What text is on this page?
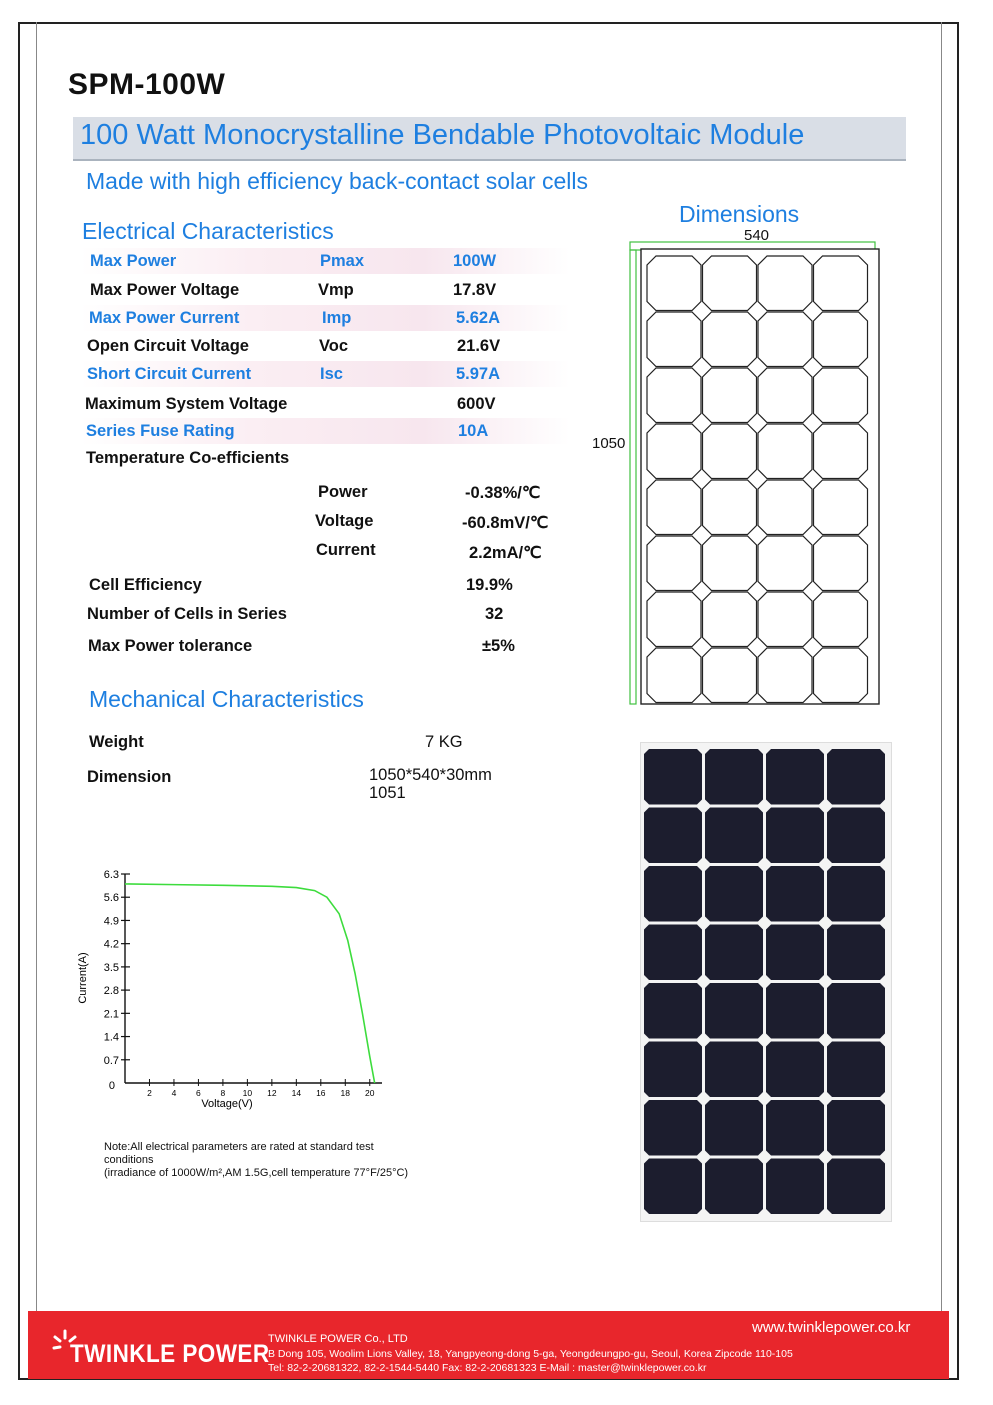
SPM-100W
100 Watt Monocrystalline Bendable Photovoltaic Module
Made with high efficiency back-contact solar cells
Electrical Characteristics
Max Power	Pmax	100W
Max Power Voltage	Vmp	17.8V
Max Power Current	Imp	5.62A
Open Circuit Voltage	Voc	21.6V
Short Circuit Current	Isc	5.97A
Maximum System Voltage	600V
Series Fuse Rating	10A
Temperature Co-efficients
Power	-0.38%/℃
Voltage	-60.8mV/℃
Current	2.2mA/℃
Cell Efficiency	19.9%
Number of Cells in Series	32
Max Power tolerance	±5%
Mechanical Characteristics
Weight	7 KG
Dimension	1050*540*30mm
1051
Dimensions
540
1050
0
0.7
1.4
2.1
2.8
3.5
4.2
4.9
5.6
6.3
2 4 6 8 10 12 14 16 18 20
Voltage(V)
Current(A)
Note:All electrical parameters are rated at standard test conditions
(irradiance of 1000W/m²,AM 1.5G,cell temperature 77°F/25°C)
TWINKLE POWER
TWINKLE POWER Co., LTD
B Dong 105, Woolim Lions Valley, 18, Yangpyeong-dong 5-ga, Yeongdeungpo-gu, Seoul, Korea Zipcode 110-105
Tel: 82-2-20681322, 82-2-1544-5440 Fax: 82-2-20681323 E-Mail : master@twinklepower.co.kr
www.twinklepower.co.kr
